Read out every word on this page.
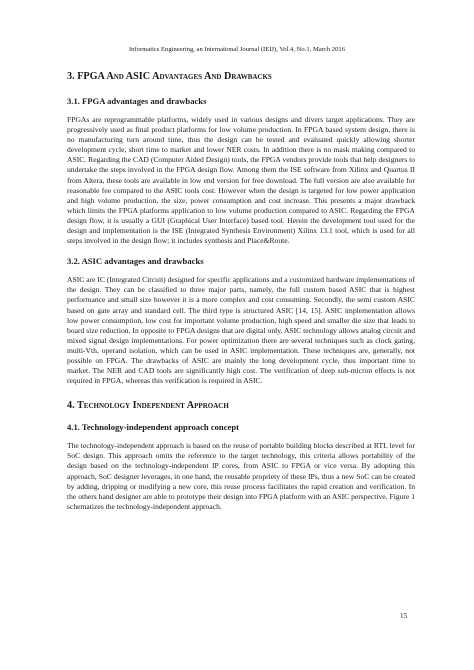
Informatics Engineering, an International Journal (IEIJ), Vol.4, No.1, March 2016
3. FPGA And ASIC Advantages And Drawbacks
3.1. FPGA advantages and drawbacks

FPGAs are reprogrammable platforms, widely used in various designs and divers target applications. They are progressively used as final product platforms for low volume production. In FPGA based system design, there is no manufacturing turn around time, thus the design can be tested and evaluated quickly allowing shorter development cycle, short time to market and lower NER costs. In addition there is no mask making compared to ASIC. Regarding the CAD (Computer Aided Design) tools, the FPGA vendors provide tools that help designers to undertake the steps involved in the FPGA design flow. Among them the ISE software from Xilinx and Quartus II from Altera, these tools are available in low end version for free download. The full version are also available for reasonable fee compared to the ASIC tools cost. However when the design is targeted for low power application and high volume production, the size, power consumption and cost increase. This presents a major drawback which limits the FPGA platforms application to low volume production compared to ASIC. Regarding the FPGA design flow, it is usually a GUI (Graphical User Interface) based tool. Herein the development tool used for the design and implementation is the ISE (Integrated Synthesis Environment) Xilinx 13.1 tool, which is used for all steps involved in the design flow; it includes synthesis and Place&Route.

3.2. ASIC advantages and drawbacks

ASIC are IC (Integrated Circuit) designed for specific applications and a customized hardware implementations of the design. They can be classified to three major parts, namely, the full custom based ASIC that is highest performance and small size however it is a more complex and cost consuming. Secondly, the semi custom ASIC based on gate array and standard cell. The third type is structured ASIC [14, 15]. ASIC implementation allows low power consumption, low cost for important volume production, high speed and smaller die size that leads to board size reduction. In opposite to FPGA designs that are digital only, ASIC technology allows analog circuit and mixed signal design implementations. For power optimization there are several techniques such as clock gating, multi-Vth, operand isolation, which can be used in ASIC implementation. These techniques are, generally, not possible on FPGA. The drawbacks of ASIC are mainly the long development cycle, thus important time to market. The NER and CAD tools are significantly high cost. The verification of deep sub-micron effects is not required in FPGA, whereas this verification is required in ASIC.

4. Technology Independent Approach
4.1. Technology-independent approach concept

The technology-independent approach is based on the reuse of portable building blocks described at RTL level for SoC design. This approach omits the reference to the target technology, this criteria allows portability of the design based on the technology-independent IP cores, from ASIC to FPGA or vice versa. By adopting this approach, SoC designer leverages, in one hand, the reusable propriety of these IPs, thus a new SoC can be created by adding, dripping or modifying a new core, this reuse process facilitates the rapid creation and verification. In the others hand designer are able to prototype their design into FPGA platform with an ASIC perspective. Figure 1 schematizes the technology-independent approach.

15
